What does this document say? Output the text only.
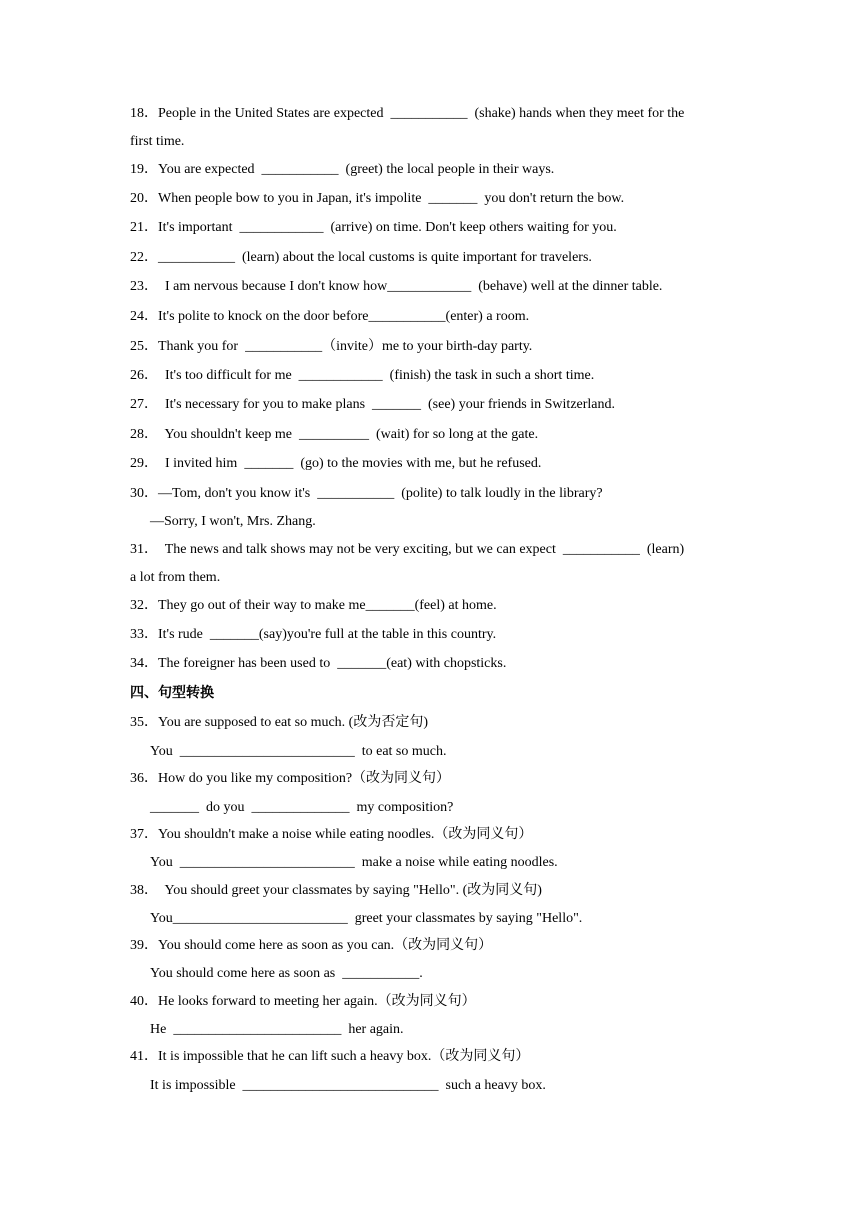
18．People in the United States are expected  ___________  (shake) hands when they meet for the
first time.
19．You are expected  ___________  (greet) the local people in their ways.
20．When people bow to you in Japan, it's impolite  _______  you don't return the bow.
21．It's important  ____________  (arrive) on time. Don't keep others waiting for you.
22．___________  (learn) about the local customs is quite important for travelers.
23．  I am nervous because I don't know how____________  (behave) well at the dinner table.
24．It's polite to knock on the door before___________(enter) a room.
25．Thank you for  ___________（invite）me to your birth-day party.
26．  It's too difficult for me  ____________  (finish) the task in such a short time.
27．  It's necessary for you to make plans  _______  (see) your friends in Switzerland.
28．  You shouldn't keep me  __________  (wait) for so long at the gate.
29．  I invited him  _______  (go) to the movies with me, but he refused.
30．—Tom, don't you know it's  ___________  (polite) to talk loudly in the library?
—Sorry, I won't, Mrs. Zhang.
31．  The news and talk shows may not be very exciting, but we can expect  ___________  (learn)
a lot from them.
32．They go out of their way to make me_______(feel) at home.
33．It's rude  _______(say)you're full at the table in this country.
34．The foreigner has been used to  _______(eat) with chopsticks.
四、句型转换
35．You are supposed to eat so much. (改为否定句)
You  _________________________  to eat so much.
36．How do you like my composition?（改为同义句）
_______  do you  ______________  my composition?
37．You shouldn't make a noise while eating noodles.（改为同义句）
You  _________________________  make a noise while eating noodles.
38．  You should greet your classmates by saying "Hello". (改为同义句)
You_________________________  greet your classmates by saying "Hello".
39．You should come here as soon as you can.（改为同义句）
You should come here as soon as  ___________.
40．He looks forward to meeting her again.（改为同义句）
He  ________________________  her again.
41．It is impossible that he can lift such a heavy box.（改为同义句）
It is impossible  ____________________________  such a heavy box.
